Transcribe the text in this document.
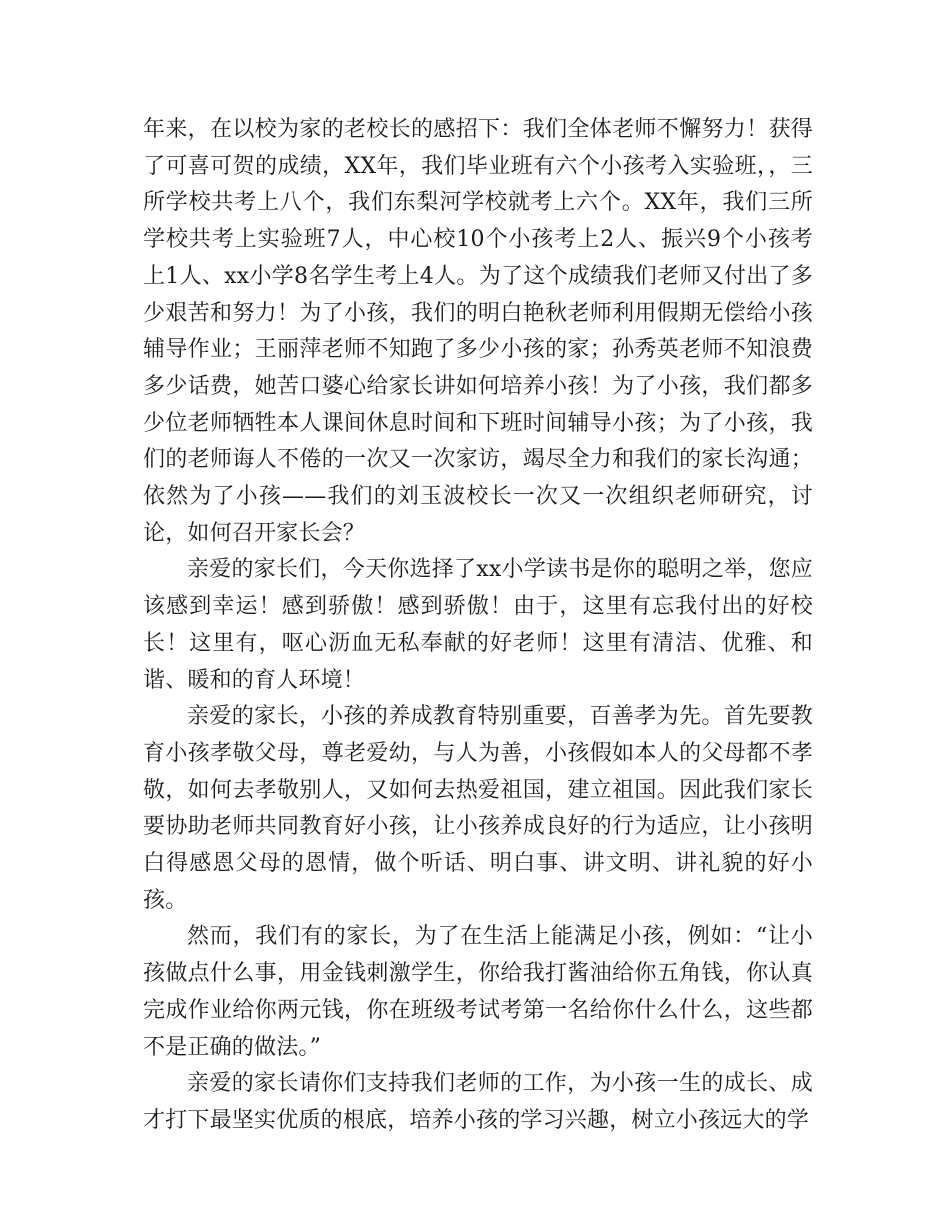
年来，在以校为家的老校长的感招下：我们全体老师不懈努力！获得了可喜可贺的成绩，XX年，我们毕业班有六个小孩考入实验班，，三所学校共考上八个，我们东梨河学校就考上六个。XX年，我们三所学校共考上实验班7人，中心校10个小孩考上2人、振兴9个小孩考上1人、xx小学8名学生考上4人。为了这个成绩我们老师又付出了多少艰苦和努力！为了小孩，我们的明白艳秋老师利用假期无偿给小孩辅导作业；王丽萍老师不知跑了多少小孩的家；孙秀英老师不知浪费多少话费，她苦口婆心给家长讲如何培养小孩！为了小孩，我们都多少位老师牺牲本人课间休息时间和下班时间辅导小孩；为了小孩，我们的老师诲人不倦的一次又一次家访，竭尽全力和我们的家长沟通；依然为了小孩——我们的刘玉波校长一次又一次组织老师研究，讨论，如何召开家长会？

亲爱的家长们，今天你选择了xx小学读书是你的聪明之举，您应该感到幸运！感到骄傲！感到骄傲！由于，这里有忘我付出的好校长！这里有，呕心沥血无私奉献的好老师！这里有清洁、优雅、和谐、暖和的育人环境！

亲爱的家长，小孩的养成教育特别重要，百善孝为先。首先要教育小孩孝敬父母，尊老爱幼，与人为善，小孩假如本人的父母都不孝敬，如何去孝敬别人，又如何去热爱祖国，建立祖国。因此我们家长要协助老师共同教育好小孩，让小孩养成良好的行为适应，让小孩明白得感恩父母的恩情，做个听话、明白事、讲文明、讲礼貌的好小孩。

然而，我们有的家长，为了在生活上能满足小孩，例如：“让小孩做点什么事，用金钱刺激学生，你给我打酱油给你五角钱，你认真完成作业给你两元钱，你在班级考试考第一名给你什么什么，这些都不是正确的做法。”

亲爱的家长请你们支持我们老师的工作，为小孩一生的成长、成才打下最坚实优质的根底，培养小孩的学习兴趣，树立小孩远大的学
